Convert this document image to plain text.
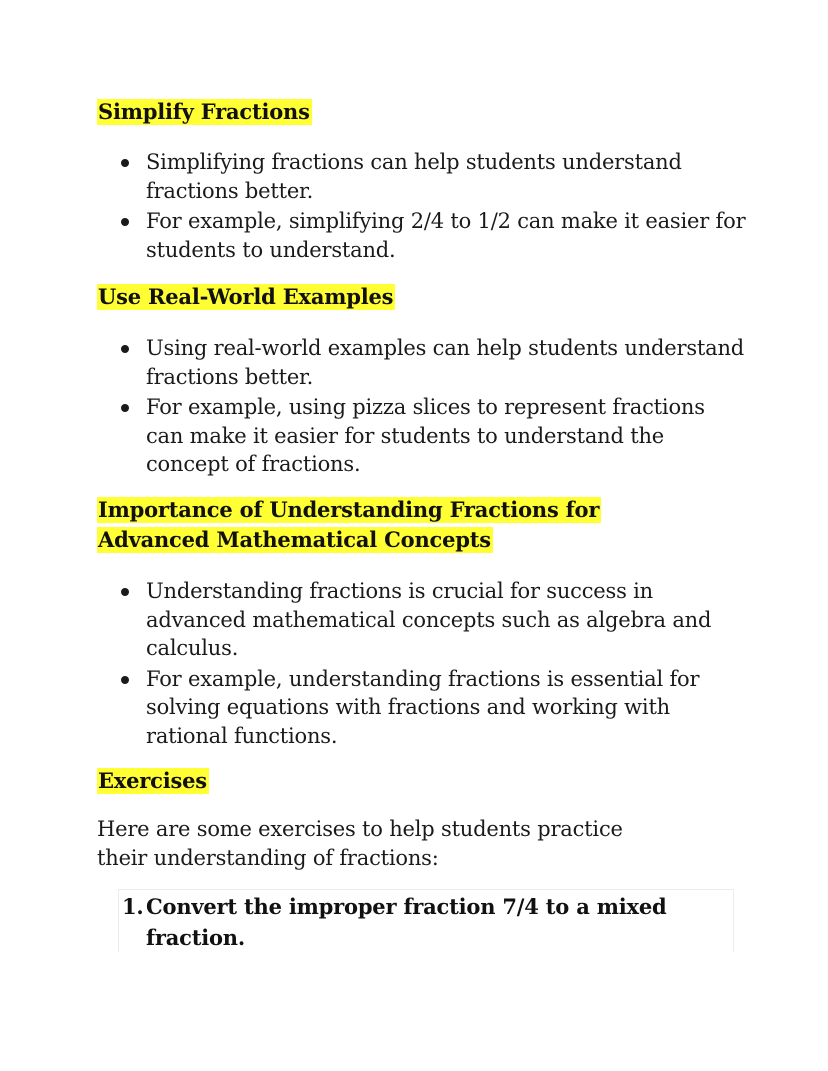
Simplify Fractions
Simplifying fractions can help students understand fractions better.
For example, simplifying 2/4 to 1/2 can make it easier for students to understand.
Use Real-World Examples
Using real-world examples can help students understand fractions better.
For example, using pizza slices to represent fractions can make it easier for students to understand the concept of fractions.
Importance of Understanding Fractions for
Advanced Mathematical Concepts
Understanding fractions is crucial for success in advanced mathematical concepts such as algebra and calculus.
For example, understanding fractions is essential for solving equations with fractions and working with rational functions.
Exercises

Here are some exercises to help students practice
their understanding of fractions:

1. Convert the improper fraction 7/4 to a mixed
fraction.
